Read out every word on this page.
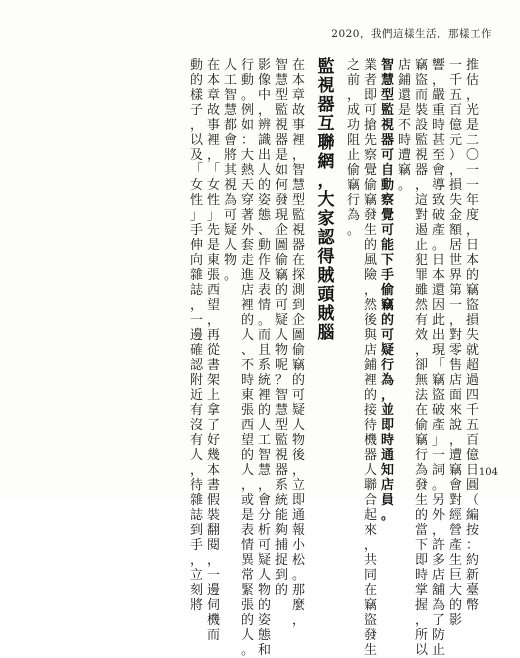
2020，我們這樣生活．那樣工作
推
估
，
光
是
二
〇
一
一
年
度
，
日
本
的
竊
盜
損
失
就
超
過
四
千
五
百
億
日
圓
（
編
按
：
約
新
臺
幣
一
千
五
百
億
元
）
，
損
失
金
額
居
世
界
第
一
，
對
零
售
店
面
來
說
，
遭
竊
會
對
經
營
產
生
巨
大
的
影
響
，
嚴
重
時
甚
至
會
導
致
破
產
。
日
本
還
因
此
出
現
「
竊
盜
破
產
」
一
詞
。
另
外
，
許
多
店
舖
為
了
防
止
竊
盜
而
裝
設
監
視
器
，
這
對
遏
止
犯
罪
雖
然
有
效
，
卻
無
法
在
偷
竊
行
為
發
生
的
當
下
即
時
掌
握
，
所
以
店
鋪
還
是
不
時
遭
竊
。
智
慧
型
監
視
器
可
自
動
察
覺
可
能
下
手
偷
竊
的
可
疑
行
為
，
並
即
時
通
知
店
員
。
業
者
即
可
搶
先
察
覺
偷
竊
發
生
的
風
險
，
然
後
與
店
鋪
裡
的
接
待
機
器
人
聯
合
起
來
，
共
同
在
竊
盜
發
生
之
前
，
成
功
阻
止
偷
竊
行
為
。
監
視
器
互
聯
網
，
大
家
認
得
賊
頭
賊
腦
在
本
章
故
事
裡
，
智
慧
型
監
視
器
在
探
測
到
企
圖
偷
竊
的
可
疑
人
物
後
，
立
即
通
報
小
松
。
那
麼
，
智
慧
型
監
視
器
是
如
何
發
現
企
圖
偷
竊
的
可
疑
人
物
呢
？
智
慧
型
監
視
器
系
統
能
夠
捕
捉
到
的
影
像
中
，
辨
識
出
人
的
姿
態
、
動
作
及
表
情
。
而
且
系
統
裡
的
人
工
智
慧
，
會
分
析
可
疑
人
物
的
姿
態
和
行
動
。
例
如
：
大
熱
天
穿
著
外
套
走
進
店
裡
的
人
、
不
時
東
張
西
望
的
人
，
或
是
表
情
異
常
緊
張
的
人
。
人
工
智
慧
都
會
將
其
視
為
可
疑
人
物
。
在
本
章
故
事
裡
，
「
女
性
」
先
是
東
張
西
望
，
再
從
書
架
上
拿
了
好
幾
本
書
假
裝
翻
閱
，
一
邊
伺
機
而
動
的
樣
子
，
以
及
「
女
性
」
手
伸
向
雜
誌
，
一
邊
確
認
附
近
有
沒
有
人
，
待
雜
誌
到
手
，
立
刻
將
104
